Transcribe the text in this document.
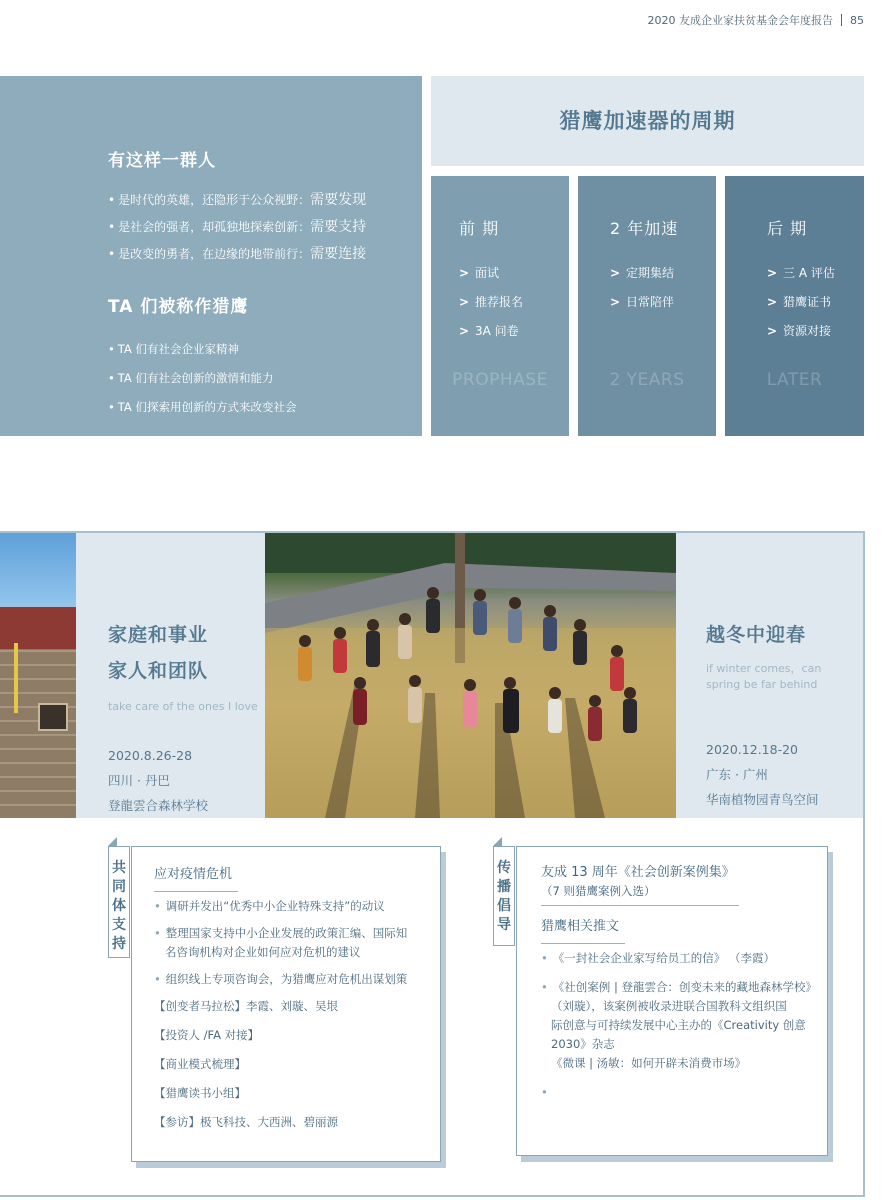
2020 友成企业家扶贫基金会年度报告 85
有这样一群人
• 是时代的英雄，还隐形于公众视野：需要发现
• 是社会的强者，却孤独地探索创新：需要支持
• 是改变的勇者，在边缘的地带前行：需要连接
TA 们被称作猎鹰
• TA 们有社会企业家精神
• TA 们有社会创新的激情和能力
• TA 们探索用创新的方式来改变社会
猎鹰加速器的周期
前 期
> 面试
> 推荐报名
> 3A 问卷
PROPHASE
2 年加速
> 定期集结
> 日常陪伴
2 YEARS
后 期
> 三 A 评估
> 猎鹰证书
> 资源对接
LATER
家庭和事业
家人和团队
take care of the ones I love
2020.8.26-28
四川 · 丹巴
登龍雲合森林学校
越冬中迎春
if winter comes，can
spring be far behind
2020.12.18-20
广东 · 广州
华南植物园青鸟空间
应对疫情危机
• 调研并发出“优秀中小企业特殊支持”的动议
• 整理国家支持中小企业发展的政策汇编、国际知
名咨询机构对企业如何应对危机的建议
• 组织线上专项咨询会，为猎鹰应对危机出谋划策
【创变者马拉松】李霞、刘璇、吴垠
【投资人 /FA 对接】
【商业模式梳理】
【猎鹰读书小组】
【参访】极飞科技、大西洲、碧丽源
共
同
体
支
持
友成 13 周年《社会创新案例集》
（7 则猎鹰案例入选）
猎鹰相关推文
• 《一封社会企业家写给员工的信》 （李霞）
• 《社创案例 | 登龍雲合：创变未来的藏地森林学校》
（刘璇），该案例被收录进联合国教科文组织国
际创意与可持续发展中心主办的《Creativity 创意
2030》杂志
《微课 | 汤敏：如何开辟未消费市场》
•
传
播
倡
导
